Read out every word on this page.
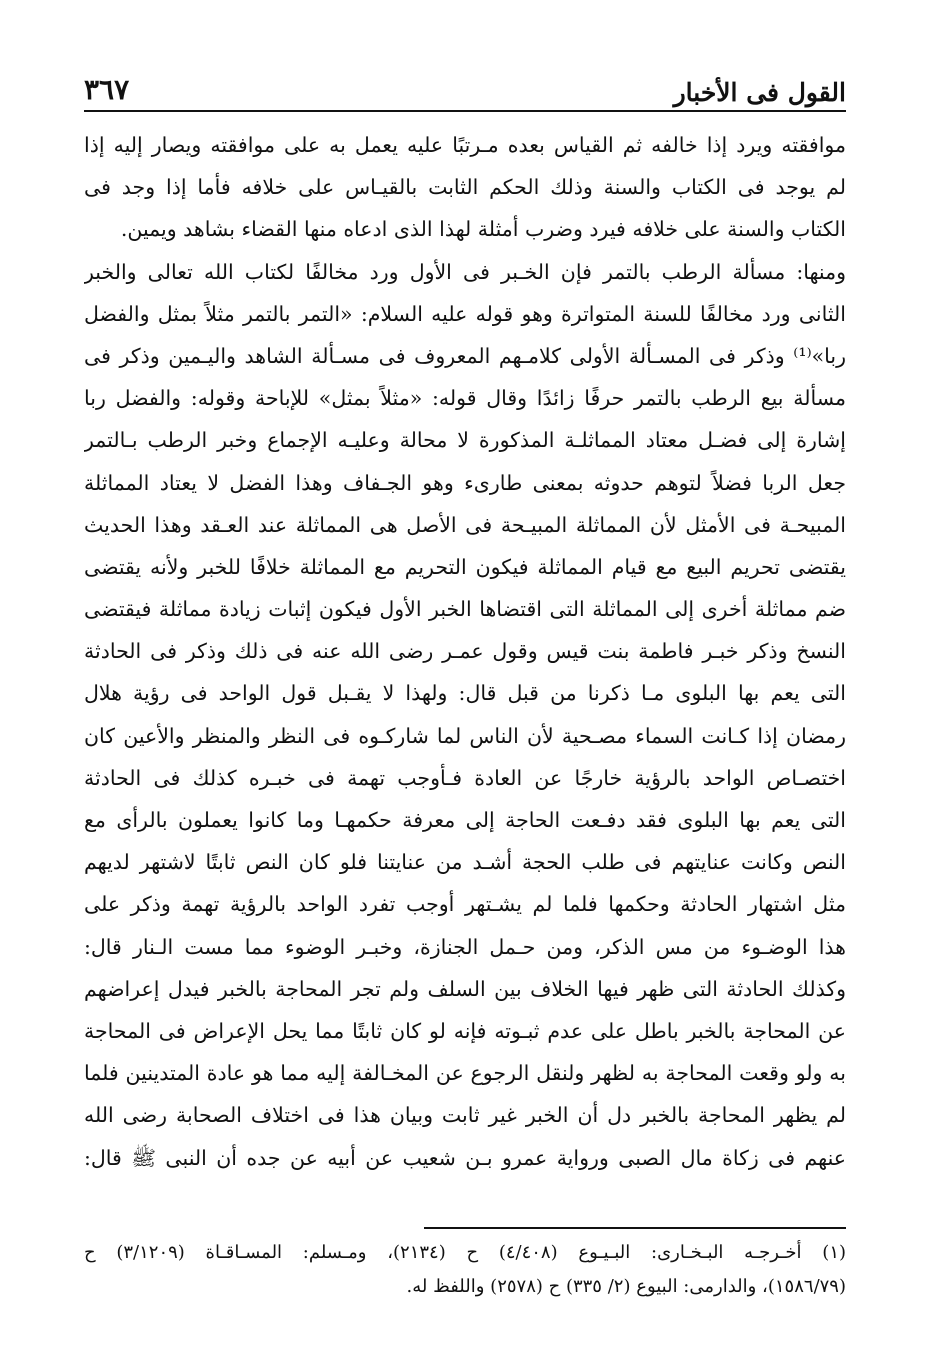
القول فى الأخبار
٣٦٧
موافقته ويرد إذا خالفه ثم القياس بعده مـرتبًا عليه يعمل به على موافقته ويصار إليه إذا
لم يوجد فى الكتاب والسنة وذلك الحكم الثابت بالقيـاس على خلافه فأما إذا وجد فى
الكتاب والسنة على خلافه فيرد وضرب أمثلة لهذا الذى ادعاه منها القضاء بشاهد ويمين.
ومنها: مسألة الرطب بالتمر فإن الخـبر فى الأول ورد مخالفًا لكتاب الله تعالى والخبر
الثانى ورد مخالفًا للسنة المتواترة وهو قوله عليه السلام: «التمر بالتمر مثلاً بمثل والفضل
ربا»⁽¹⁾ وذكر فى المسـألة الأولى كلامـهم المعروف فى مسـألة الشاهد واليـمين وذكر فى
مسألة بيع الرطب بالتمر حرفًا زائدًا وقال قوله: «مثلاً بمثل» للإباحة وقوله: والفضل ربا
إشارة إلى فضـل معتاد المماثلـة المذكورة لا محالة وعليـه الإجماع وخبر الرطب بـالتمر
جعل الربا فضلاً لتوهم حدوثه بمعنى طارىء وهو الجـفاف وهذا الفضل لا يعتاد المماثلة
المبيحـة فى الأمثل لأن المماثلة المبيـحة فى الأصل هى المماثلة عند العـقد وهذا الحديث
يقتضى تحريم البيع مع قيام المماثلة فيكون التحريم مع المماثلة خلافًا للخبر ولأنه يقتضى
ضم مماثلة أخرى إلى المماثلة التى اقتضاها الخبر الأول فيكون إثبات زيادة مماثلة فيقتضى
النسخ وذكر خبـر فاطمة بنت قيس وقول عمـر رضى الله عنه فى ذلك وذكر فى الحادثة
التى يعم بها البلوى مـا ذكرنا من قبل قال: ولهذا لا يقـبل قول الواحد فى رؤية هلال
رمضان إذا كـانت السماء مصـحية لأن الناس لما شاركـوه فى النظر والمنظر والأعين كان
اختصـاص الواحد بالرؤية خارجًا عن العادة فـأوجب تهمة فى خبـره كذلك فى الحادثة
التى يعم بها البلوى فقد دفـعت الحاجة إلى معرفة حكمهـا وما كانوا يعملون بالرأى مع
النص وكانت عنايتهم فى طلب الحجة أشـد من عنايتنا فلو كان النص ثابتًا لاشتهر لديهم
مثل اشتهار الحادثة وحكمها فلما لم يشـتهر أوجب تفرد الواحد بالرؤية تهمة وذكر على
هذا الوضـوء من مس الذكر، ومن حـمل الجنازة، وخبـر الوضوء مما مست الـنار قال:
وكذلك الحادثة التى ظهر فيها الخلاف بين السلف ولم تجر المحاجة بالخبر فيدل إعراضهم
عن المحاجة بالخبر باطل على عدم ثبـوته فإنه لو كان ثابتًا مما يحل الإعراض فى المحاجة
به ولو وقعت المحاجة به لظهر ولنقل الرجوع عن المخـالفة إليه مما هو عادة المتدينين فلما
لم يظهر المحاجة بالخبر دل أن الخبر غير ثابت وبيان هذا فى اختلاف الصحابة رضى الله
عنهم فى زكاة مال الصبى ورواية عمرو بـن شعيب عن أبيه عن جده أن النبى ﷺ قال:
(١) أخـرجـه البـخـارى: البـيـوع (٤/٤٠٨) ح (٢١٣٤)، ومـسلم: المسـاقـاة (٣/١٢٠٩) ح
(١٥٨٦/٧٩)، والدارمى: البيوع (٢/ ٣٣٥) ح (٢٥٧٨) واللفظ له.
